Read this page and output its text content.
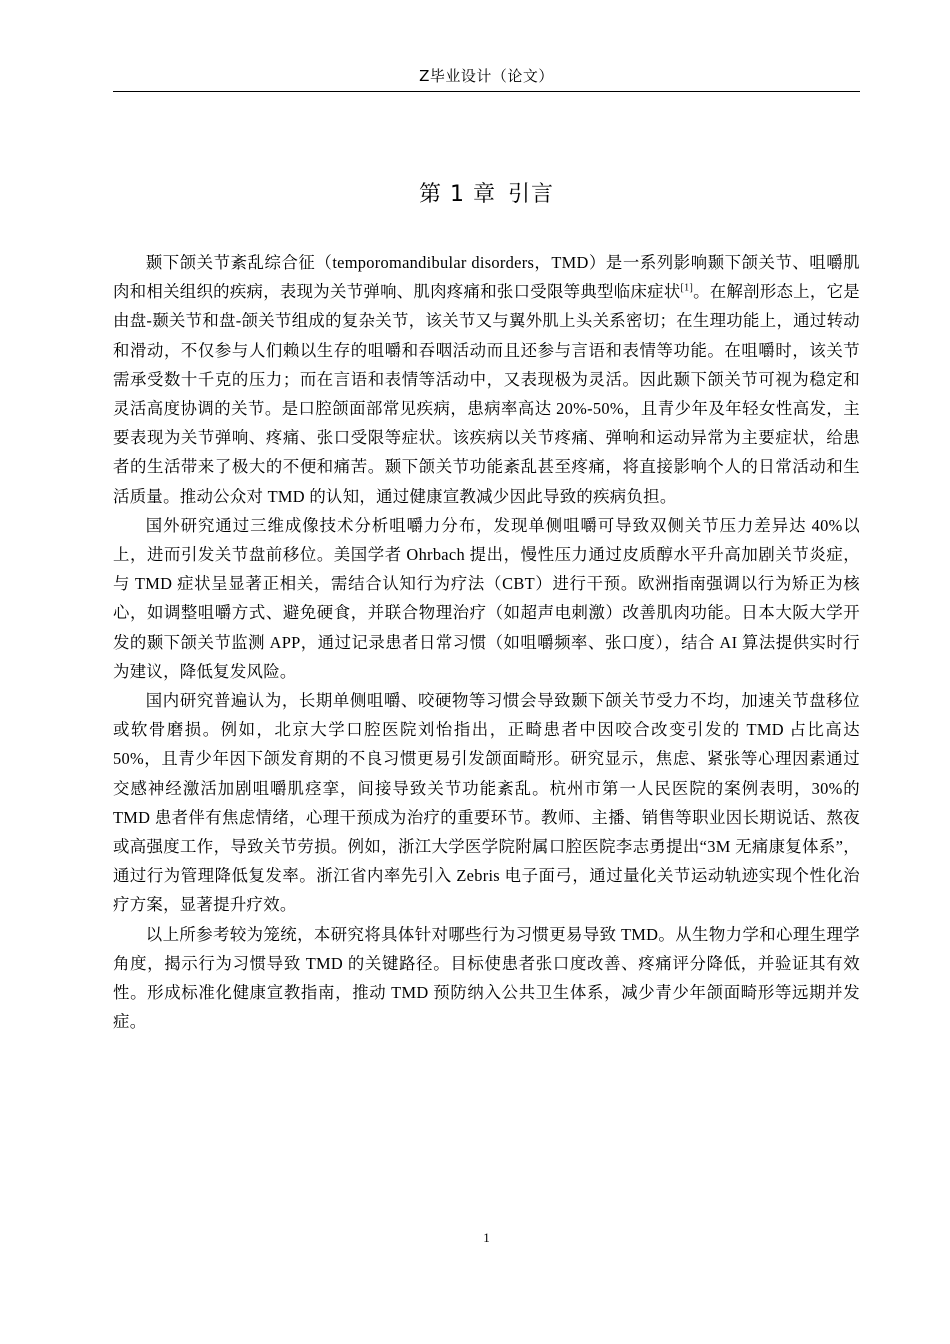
Z毕业设计（论文）
第 1 章 引言

颞下颌关节紊乱综合征（temporomandibular disorders，TMD）是一系列影响颞下颌关节、咀嚼肌肉和相关组织的疾病，表现为关节弹响、肌肉疼痛和张口受限等典型临床症状[1]。在解剖形态上，它是由盘-颞关节和盘-颌关节组成的复杂关节，该关节又与翼外肌上头关系密切；在生理功能上，通过转动和滑动，不仅参与人们赖以生存的咀嚼和吞咽活动而且还参与言语和表情等功能。在咀嚼时，该关节需承受数十千克的压力；而在言语和表情等活动中，又表现极为灵活。因此颞下颌关节可视为稳定和灵活高度协调的关节。是口腔颌面部常见疾病，患病率高达 20%-50%，且青少年及年轻女性高发，主要表现为关节弹响、疼痛、张口受限等症状。该疾病以关节疼痛、弹响和运动异常为主要症状，给患者的生活带来了极大的不便和痛苦。颞下颌关节功能紊乱甚至疼痛，将直接影响个人的日常活动和生活质量。推动公众对 TMD 的认知，通过健康宣教减少因此导致的疾病负担。

国外研究通过三维成像技术分析咀嚼力分布，发现单侧咀嚼可导致双侧关节压力差异达 40%以上，进而引发关节盘前移位。美国学者 Ohrbach 提出，慢性压力通过皮质醇水平升高加剧关节炎症，与 TMD 症状呈显著正相关，需结合认知行为疗法（CBT）进行干预。欧洲指南强调以行为矫正为核心，如调整咀嚼方式、避免硬食，并联合物理治疗（如超声电刺激）改善肌肉功能。日本大阪大学开发的颞下颌关节监测 APP，通过记录患者日常习惯（如咀嚼频率、张口度），结合 AI 算法提供实时行为建议，降低复发风险。

国内研究普遍认为，长期单侧咀嚼、咬硬物等习惯会导致颞下颌关节受力不均，加速关节盘移位或软骨磨损。例如，北京大学口腔医院刘怡指出，正畸患者中因咬合改变引发的 TMD 占比高达 50%，且青少年因下颌发育期的不良习惯更易引发颌面畸形。研究显示，焦虑、紧张等心理因素通过交感神经激活加剧咀嚼肌痉挛，间接导致关节功能紊乱。杭州市第一人民医院的案例表明，30%的 TMD 患者伴有焦虑情绪，心理干预成为治疗的重要环节。教师、主播、销售等职业因长期说话、熬夜或高强度工作，导致关节劳损。例如，浙江大学医学院附属口腔医院李志勇提出“3M 无痛康复体系”，通过行为管理降低复发率。浙江省内率先引入 Zebris 电子面弓，通过量化关节运动轨迹实现个性化治疗方案，显著提升疗效。

以上所参考较为笼统，本研究将具体针对哪些行为习惯更易导致 TMD。从生物力学和心理生理学角度，揭示行为习惯导致 TMD 的关键路径。目标使患者张口度改善、疼痛评分降低，并验证其有效性。形成标准化健康宣教指南，推动 TMD 预防纳入公共卫生体系，减少青少年颌面畸形等远期并发症。

1
